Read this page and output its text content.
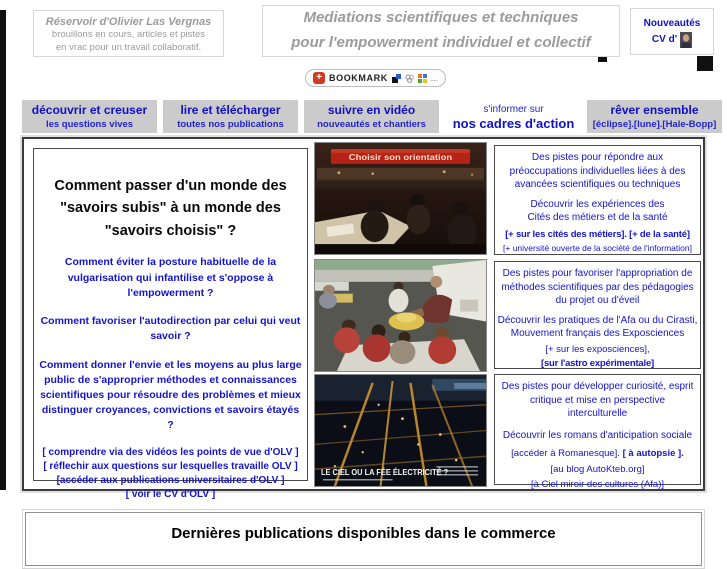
Réservoir d'Olivier Las Vergnas
brouillons en cours, articles et pistes
en vrac pour un travail collaboratif.
Mediations scientifiques et techniques
pour l'empowerment individuel et collectif
Nouveautés
CV d'
+ BOOKMARK	...
découvrir et creuser
les questions vives
lire et télécharger
toutes nos publications
suivre en vidéo
nouveautés et chantiers
s'informer sur
nos cadres d'action
rêver ensemble
[éclipse].[lune].[Hale-Bopp]
Comment passer d'un monde des "savoirs subis" à un monde des "savoirs choisis" ?
Comment éviter la posture habituelle de la vulgarisation qui infantilise et s'oppose à l'empowerment ?
Comment favoriser l'autodirection par celui qui veut savoir ?
Comment donner l'envie et les moyens au plus large public de s'approprier méthodes et connaissances scientifiques pour résoudre des problèmes et mieux distinguer croyances, convictions et savoirs étayés ?
[ comprendre via des vidéos les points de vue d'OLV ]
[ réflechir aux questions sur lesquelles travaille OLV ]
[accéder aux publications universitaires d'OLV ]
[ voir le CV d'OLV ]
Choisir son orientation
LE CIEL OU LA FÉE ÉLECTRICITÉ ?
Des pistes pour répondre aux préoccupations individuelles liées à des avancées scientifiques ou techniques
Découvrir les expériences des
Cités des métiers et de la santé
[+ sur les cités des métiers]. [+ de la santé]
[+ université ouverte de la société de l'information]
Des pistes pour favoriser l'appropriation de méthodes scientifiques par des pédagogies du projet ou d'éveil
Découvrir les pratiques de l'Afa ou du Cirasti,
Mouvement français des Exposciences
[+ sur les exposciences],
[sur l'astro expérimentale]
Des pistes pour développer curiosité, esprit critique et mise en perspective interculturelle
Découvrir les romans d'anticipation sociale
[accéder à Romanesque]. [ à autopsie ].
[au blog AutoKteb.org]
[à Ciel miroir des cultures (Afa)]
Dernières publications disponibles dans le commerce
